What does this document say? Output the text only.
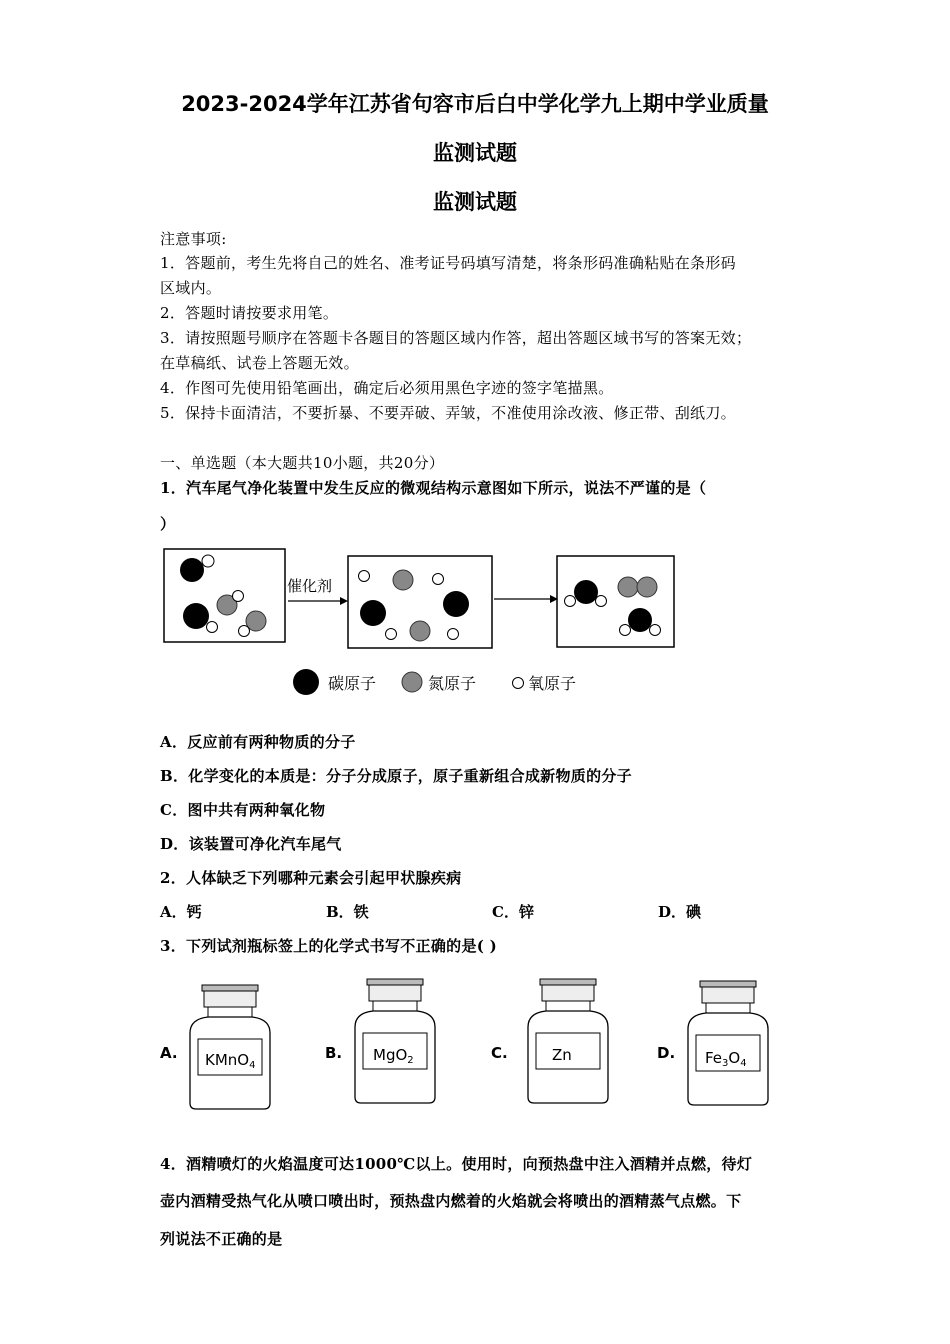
2023-2024学年江苏省句容市后白中学化学九上期中学业质量
监测试题
监测试题
注意事项:
1．答题前，考生先将自己的姓名、准考证号码填写清楚，将条形码准确粘贴在条形码
区域内。
2．答题时请按要求用笔。
3．请按照题号顺序在答题卡各题目的答题区域内作答，超出答题区域书写的答案无效；
在草稿纸、试卷上答题无效。
4．作图可先使用铅笔画出，确定后必须用黑色字迹的签字笔描黑。
5．保持卡面清洁，不要折暴、不要弄破、弄皱，不准使用涂改液、修正带、刮纸刀。
一、单选题（本大题共10小题，共20分）
1．汽车尾气净化装置中发生反应的微观结构示意图如下所示，说法不严谨的是（
）
催化剂
碳原子	氮原子	氧原子
A．反应前有两种物质的分子
B．化学变化的本质是：分子分成原子，原子重新组合成新物质的分子
C．图中共有两种氧化物
D．该装置可净化汽车尾气
2．人体缺乏下列哪种元素会引起甲状腺疾病
A．钙	B．铁	C．锌	D．碘
3．下列试剂瓶标签上的化学式书写不正确的是( )
A. KMnO$_4$
B. MgO$_2$	C.	Zn	D. $Fe_3O_4$
4．酒精喷灯的火焰温度可达1000℃以上。使用时，向预热盘中注入酒精并点燃，待灯
壶内酒精受热气化从喷口喷出时，预热盘内燃着的火焰就会将喷出的酒精蒸气点燃。下
列说法不正确的是
